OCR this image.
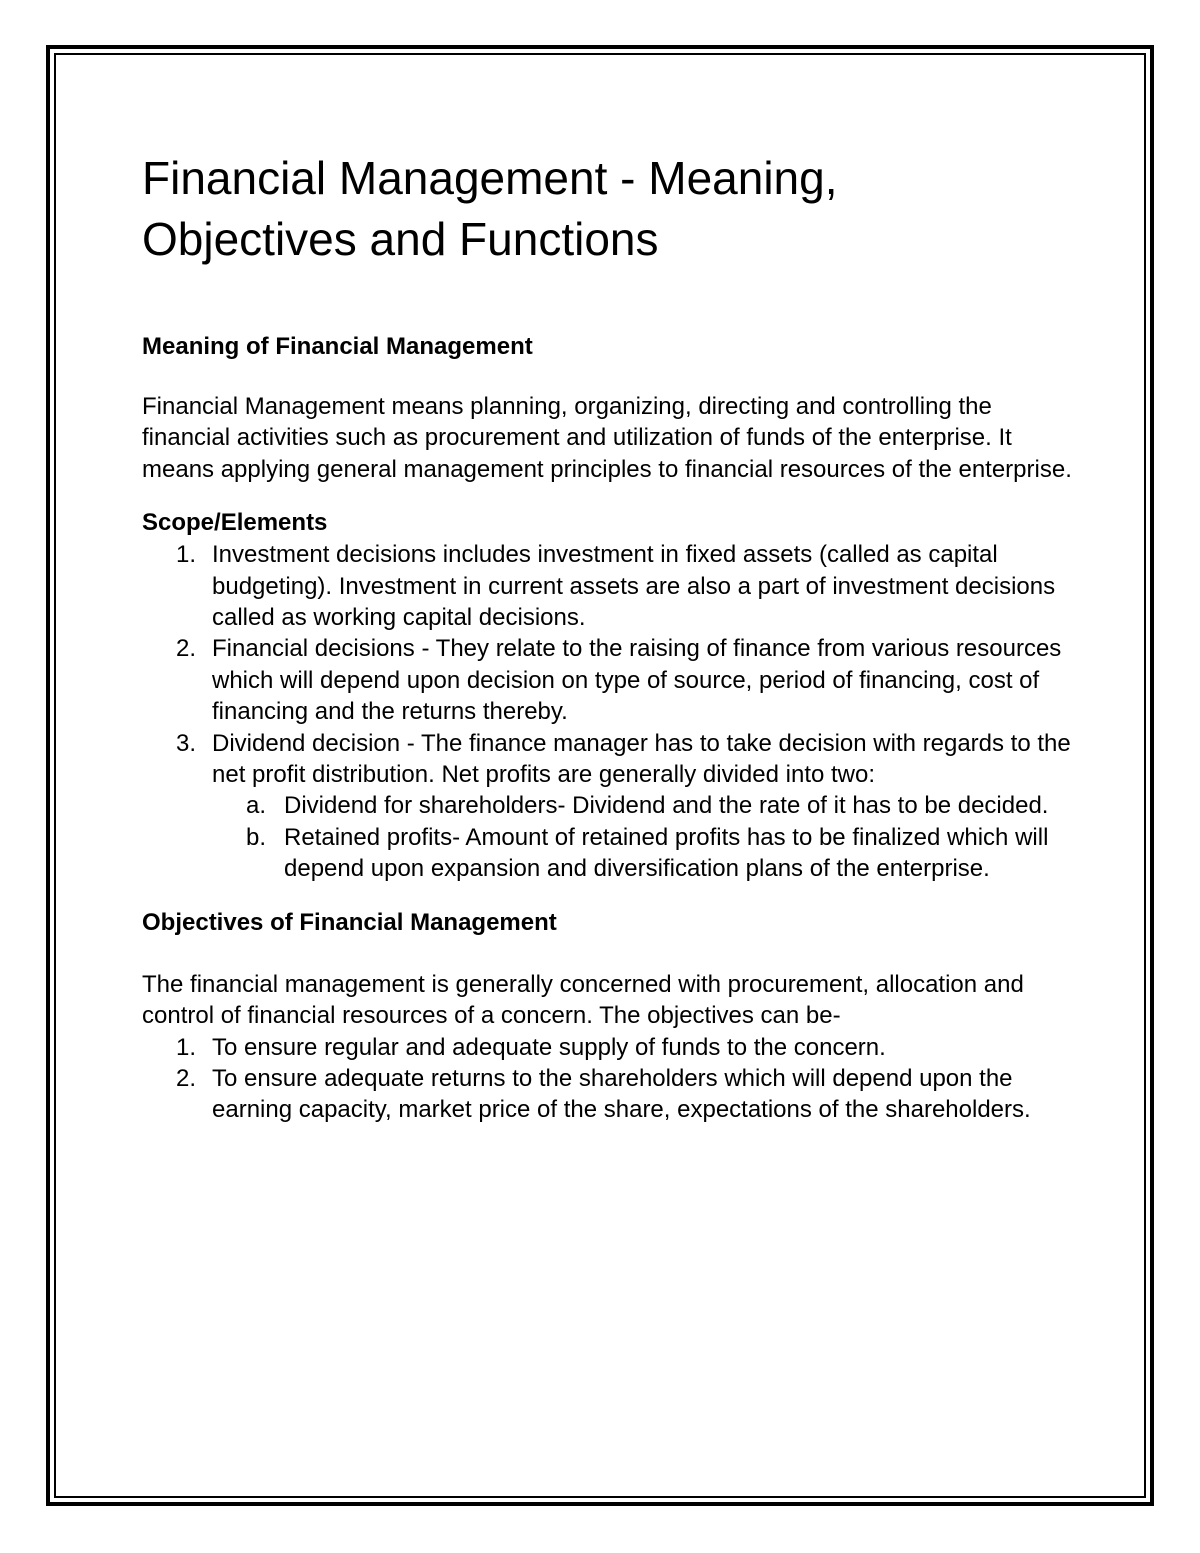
Financial Management - Meaning,
Objectives and Functions
Meaning of Financial Management

Financial Management means planning, organizing, directing and controlling the financial activities such as procurement and utilization of funds of the enterprise. It means applying general management principles to financial resources of the enterprise.

Scope/Elements
1. Investment decisions includes investment in fixed assets (called as capital budgeting). Investment in current assets are also a part of investment decisions called as working capital decisions.
2. Financial decisions - They relate to the raising of finance from various resources which will depend upon decision on type of source, period of financing, cost of financing and the returns thereby.
3. Dividend decision - The finance manager has to take decision with regards to the net profit distribution. Net profits are generally divided into two:
a. Dividend for shareholders- Dividend and the rate of it has to be decided.
b. Retained profits- Amount of retained profits has to be finalized which will depend upon expansion and diversification plans of the enterprise.
Objectives of Financial Management

The financial management is generally concerned with procurement, allocation and control of financial resources of a concern. The objectives can be-

1. To ensure regular and adequate supply of funds to the concern.
2. To ensure adequate returns to the shareholders which will depend upon the earning capacity, market price of the share, expectations of the shareholders.
